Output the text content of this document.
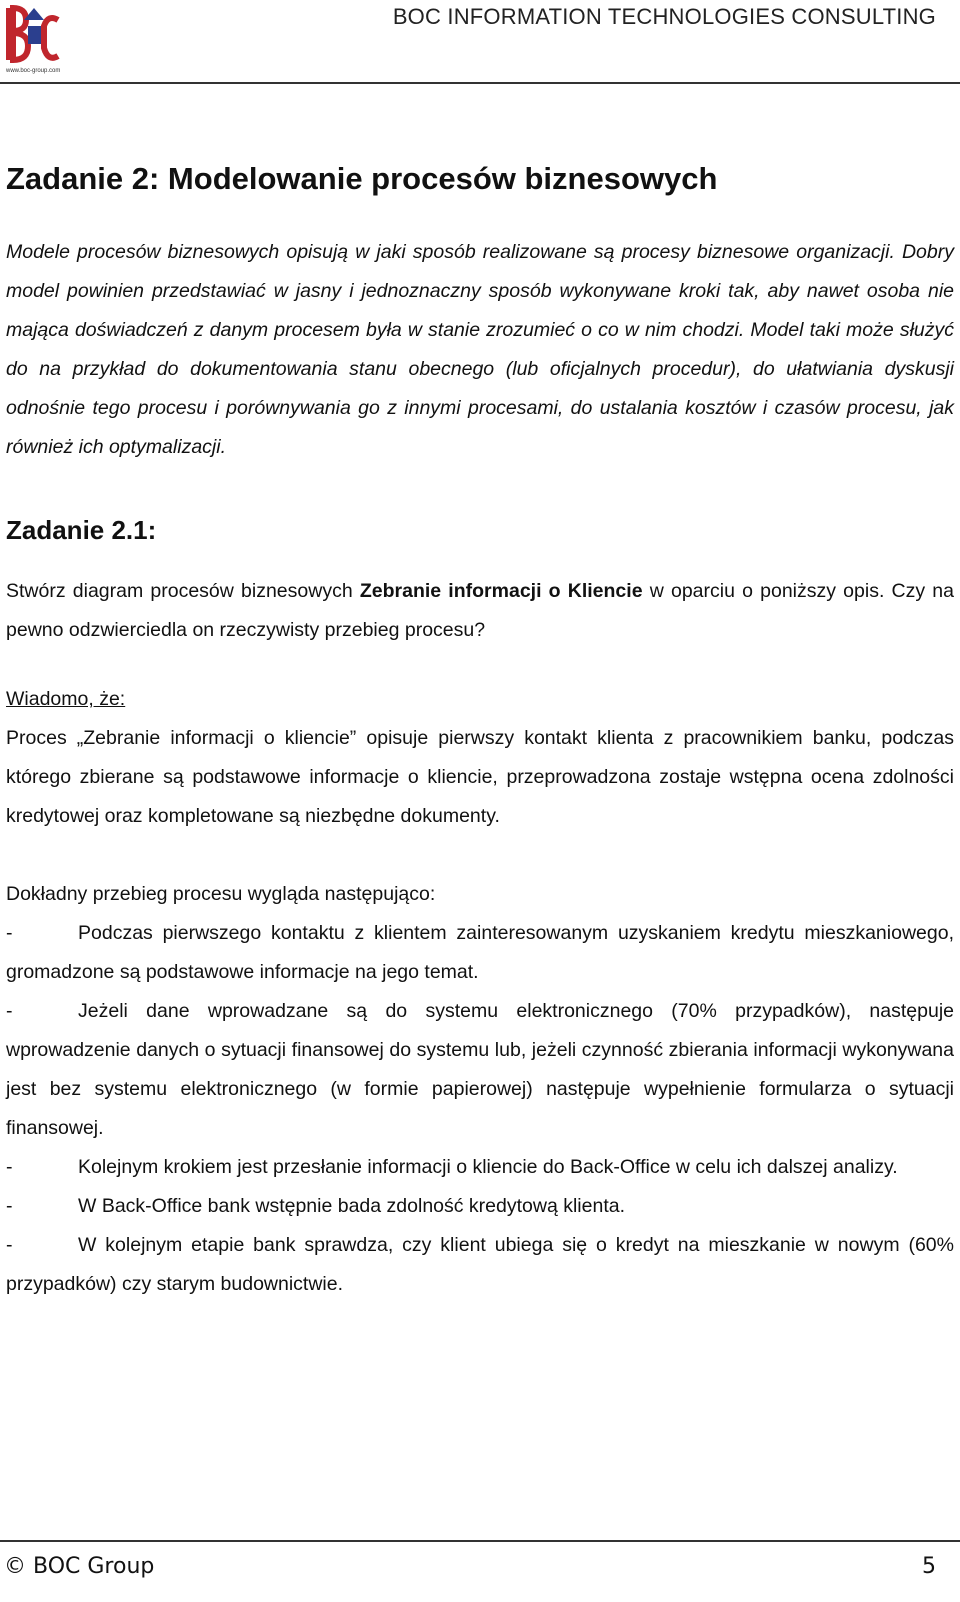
www.boc-group.com
BOC INFORMATION TECHNOLOGIES CONSULTING
Zadanie 2: Modelowanie procesów biznesowych

Modele procesów biznesowych opisują w jaki sposób realizowane są procesy biznesowe organizacji. Dobry model powinien przedstawiać w jasny i jednoznaczny sposób wykonywane kroki tak, aby nawet osoba nie mająca doświadczeń z danym procesem była w stanie zrozumieć o co w nim chodzi. Model taki może służyć do na przykład do dokumentowania stanu obecnego (lub oficjalnych procedur), do ułatwiania dyskusji odnośnie tego procesu i porównywania go z innymi procesami, do ustalania kosztów i czasów procesu, jak również ich optymalizacji.

Zadanie 2.1:

Stwórz diagram procesów biznesowych Zebranie informacji o Kliencie w oparciu o poniższy opis. Czy na pewno odzwierciedla on rzeczywisty przebieg procesu?

Wiadomo, że:

Proces „Zebranie informacji o kliencie” opisuje pierwszy kontakt klienta z pracownikiem banku, podczas którego zbierane są podstawowe informacje o kliencie, przeprowadzona zostaje wstępna ocena zdolności kredytowej oraz kompletowane są niezbędne dokumenty.

Dokładny przebieg procesu wygląda następująco:

-	Podczas pierwszego kontaktu z klientem zainteresowanym uzyskaniem kredytu mieszkaniowego, gromadzone są podstawowe informacje na jego temat.

-	Jeżeli dane wprowadzane są do systemu elektronicznego (70% przypadków), następuje wprowadzenie danych o sytuacji finansowej do systemu lub, jeżeli czynność zbierania informacji wykonywana jest bez systemu elektronicznego (w formie papierowej) następuje wypełnienie formularza o sytuacji finansowej.

-	Kolejnym krokiem jest przesłanie informacji o kliencie do Back-Office w celu ich dalszej analizy.

-	W Back-Office bank wstępnie bada zdolność kredytową klienta.

-	W kolejnym etapie bank sprawdza, czy klient ubiega się o kredyt na mieszkanie w nowym (60% przypadków) czy starym budownictwie.

© BOC Group	5
